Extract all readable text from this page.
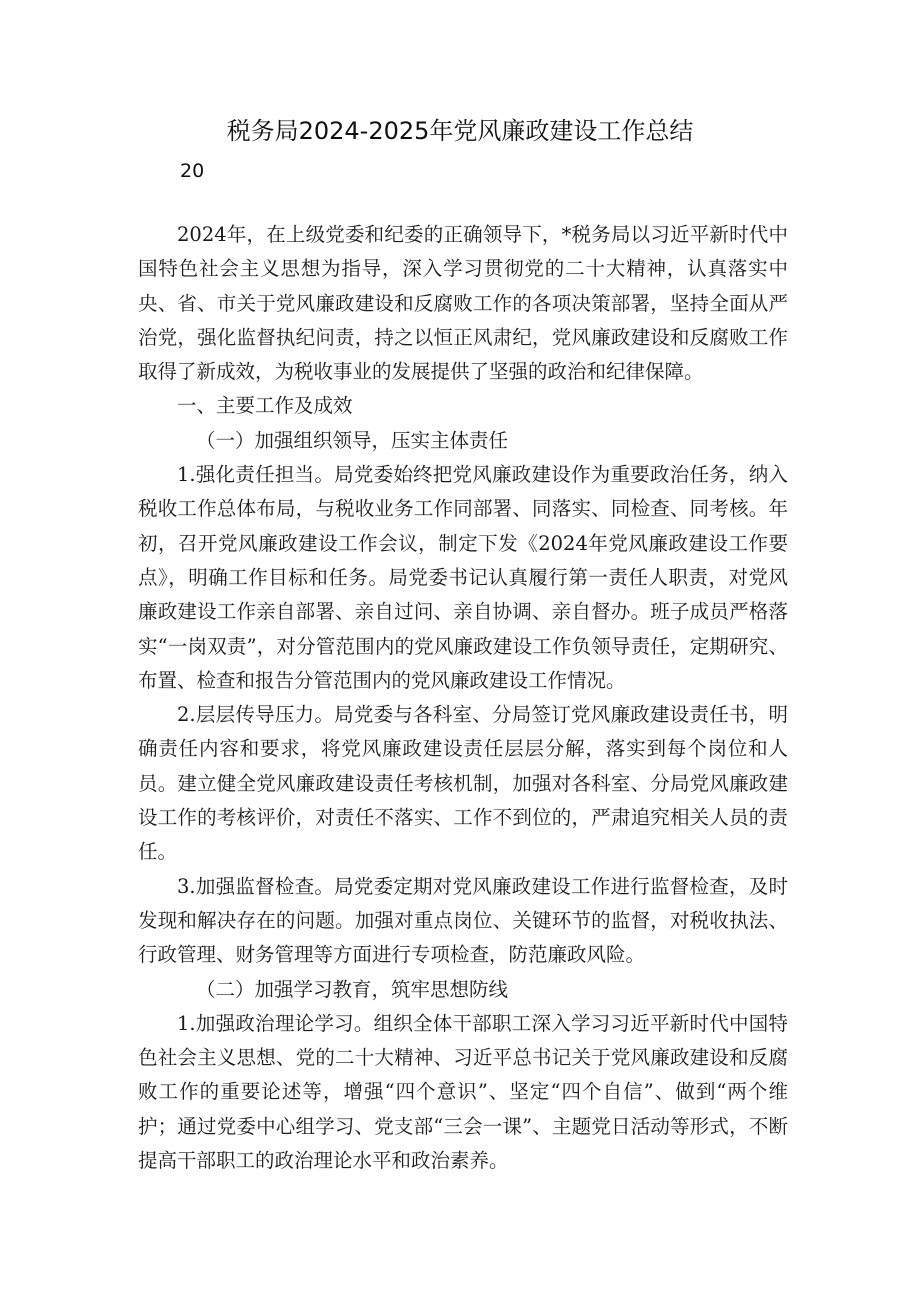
税务局2024-2025年党风廉政建设工作总结
20

2024年，在上级党委和纪委的正确领导下，*税务局以习近平新时代中国特色社会主义思想为指导，深入学习贯彻党的二十大精神，认真落实中央、省、市关于党风廉政建设和反腐败工作的各项决策部署，坚持全面从严治党，强化监督执纪问责，持之以恒正风肃纪，党风廉政建设和反腐败工作取得了新成效，为税收事业的发展提供了坚强的政治和纪律保障。

一、主要工作及成效

（一）加强组织领导，压实主体责任

1.强化责任担当。局党委始终把党风廉政建设作为重要政治任务，纳入税收工作总体布局，与税收业务工作同部署、同落实、同检查、同考核。年初，召开党风廉政建设工作会议，制定下发《2024年党风廉政建设工作要点》，明确工作目标和任务。局党委书记认真履行第一责任人职责，对党风廉政建设工作亲自部署、亲自过问、亲自协调、亲自督办。班子成员严格落实“一岗双责”，对分管范围内的党风廉政建设工作负领导责任，定期研究、布置、检查和报告分管范围内的党风廉政建设工作情况。

2.层层传导压力。局党委与各科室、分局签订党风廉政建设责任书，明确责任内容和要求，将党风廉政建设责任层层分解，落实到每个岗位和人员。建立健全党风廉政建设责任考核机制，加强对各科室、分局党风廉政建设工作的考核评价，对责任不落实、工作不到位的，严肃追究相关人员的责任。

3.加强监督检查。局党委定期对党风廉政建设工作进行监督检查，及时发现和解决存在的问题。加强对重点岗位、关键环节的监督，对税收执法、行政管理、财务管理等方面进行专项检查，防范廉政风险。

（二）加强学习教育，筑牢思想防线

1.加强政治理论学习。组织全体干部职工深入学习习近平新时代中国特色社会主义思想、党的二十大精神、习近平总书记关于党风廉政建设和反腐败工作的重要论述等，增强“四个意识”、坚定“四个自信”、做到“两个维护；通过党委中心组学习、党支部“三会一课”、主题党日活动等形式，不断提高干部职工的政治理论水平和政治素养。
